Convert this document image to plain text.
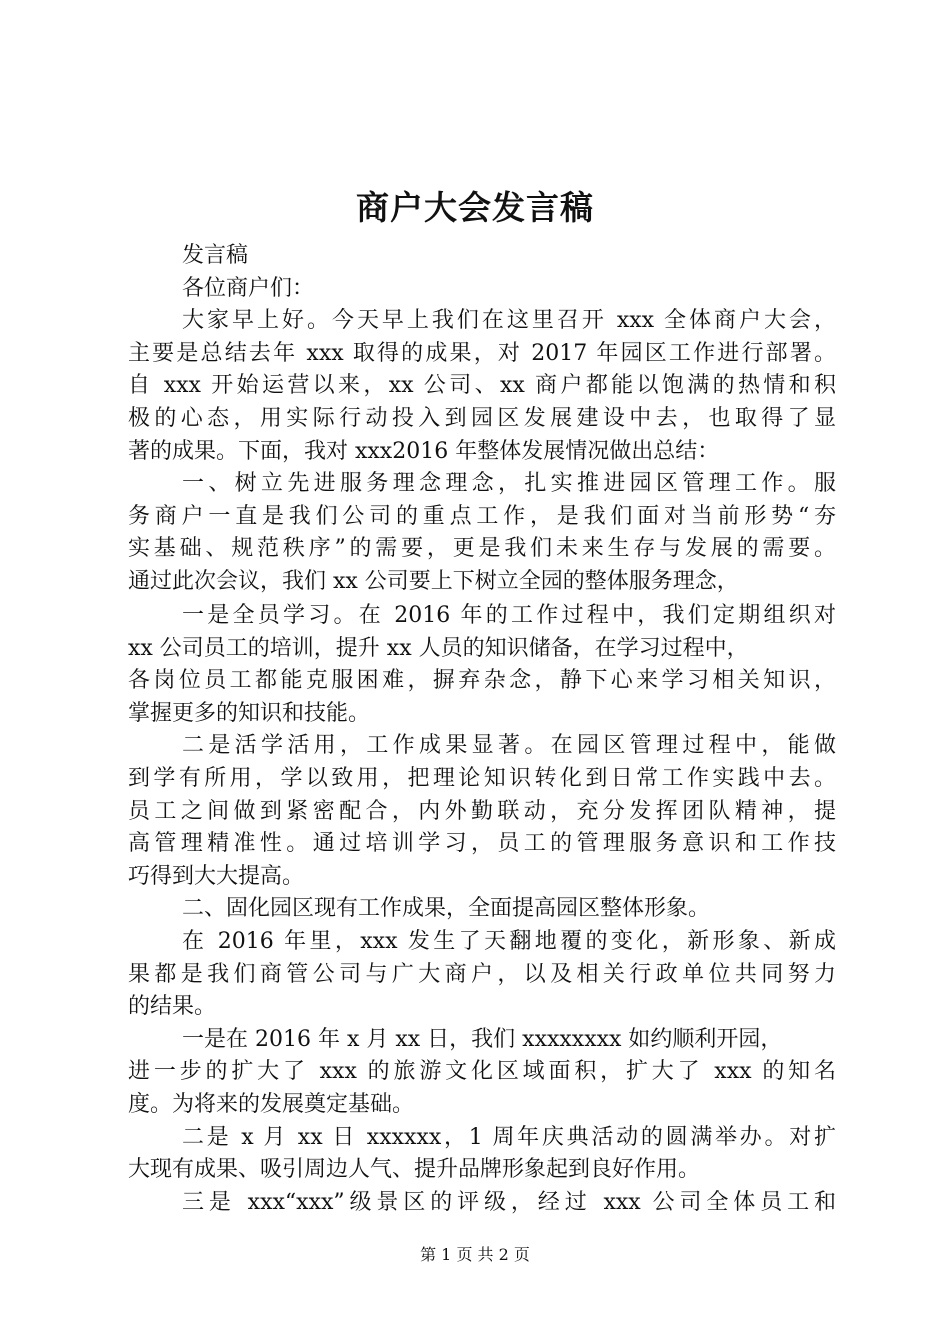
商户大会发言稿
发言稿
各位商户们：
大家早上好。今天早上我们在这里召开 xxx 全体商户大会，
主要是总结去年 xxx 取得的成果，对 2017 年园区工作进行部署。
自 xxx 开始运营以来，xx 公司、xx 商户都能以饱满的热情和积
极的心态，用实际行动投入到园区发展建设中去，也取得了显
著的成果。下面，我对 xxx2016 年整体发展情况做出总结：
一、树立先进服务理念理念，扎实推进园区管理工作。服
务商户一直是我们公司的重点工作，是我们面对当前形势“夯
实基础、规范秩序”的需要，更是我们未来生存与发展的需要。
通过此次会议，我们 xx 公司要上下树立全园的整体服务理念，
一是全员学习。在 2016 年的工作过程中，我们定期组织对
xx 公司员工的培训，提升 xx 人员的知识储备，在学习过程中，
各岗位员工都能克服困难，摒弃杂念，静下心来学习相关知识，
掌握更多的知识和技能。
二是活学活用，工作成果显著。在园区管理过程中，能做
到学有所用，学以致用，把理论知识转化到日常工作实践中去。
员工之间做到紧密配合，内外勤联动，充分发挥团队精神，提
高管理精准性。通过培训学习，员工的管理服务意识和工作技
巧得到大大提高。
二、固化园区现有工作成果，全面提高园区整体形象。
在 2016 年里，xxx 发生了天翻地覆的变化，新形象、新成
果都是我们商管公司与广大商户，以及相关行政单位共同努力
的结果。
一是在 2016 年 x 月 xx 日，我们 xxxxxxxx 如约顺利开园，
进一步的扩大了 xxx 的旅游文化区域面积，扩大了 xxx 的知名
度。为将来的发展奠定基础。
二是 x 月 xx 日 xxxxxx，1 周年庆典活动的圆满举办。对扩
大现有成果、吸引周边人气、提升品牌形象起到良好作用。
三是 xxx“xxx”级景区的评级，经过 xxx 公司全体员工和
第 1 页 共 2 页
